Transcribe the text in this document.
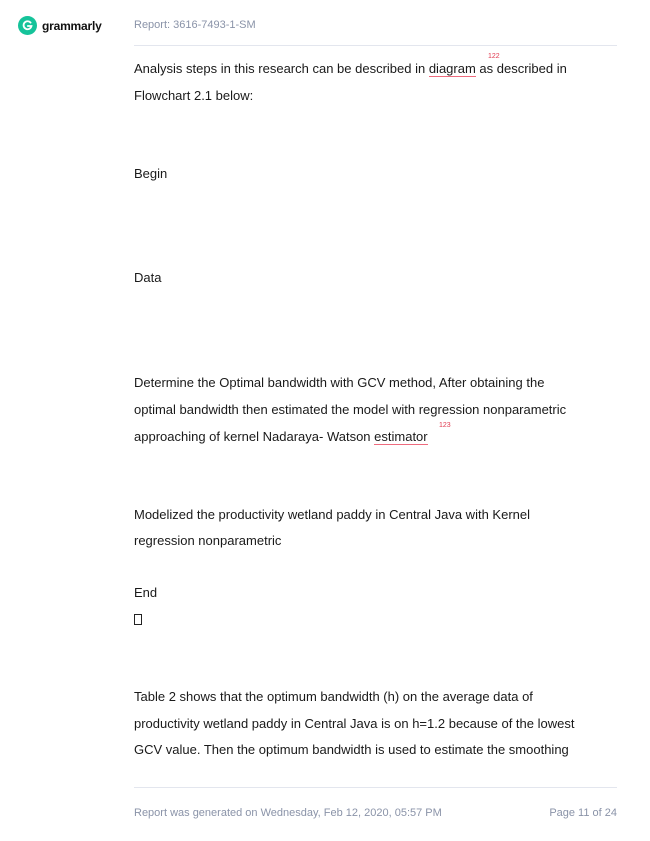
grammarly	Report: 3616-7493-1-SM
Analysis steps in this research can be described in diagram as described in
122
Flowchart 2.1 below:
Begin
Data
Determine the Optimal bandwidth with GCV method, After obtaining the
optimal bandwidth then estimated the model with regression nonparametric
approaching of kernel Nadaraya- Watson estimator
123
Modelized the productivity wetland paddy in Central Java with Kernel
regression nonparametric
End
Table 2 shows that the optimum bandwidth (h) on the average data of
productivity wetland paddy in Central Java is on h=1.2 because of the lowest
GCV value. Then the optimum bandwidth is used to estimate the smoothing
Report was generated on Wednesday, Feb 12, 2020, 05:57 PM	Page 11 of 24
